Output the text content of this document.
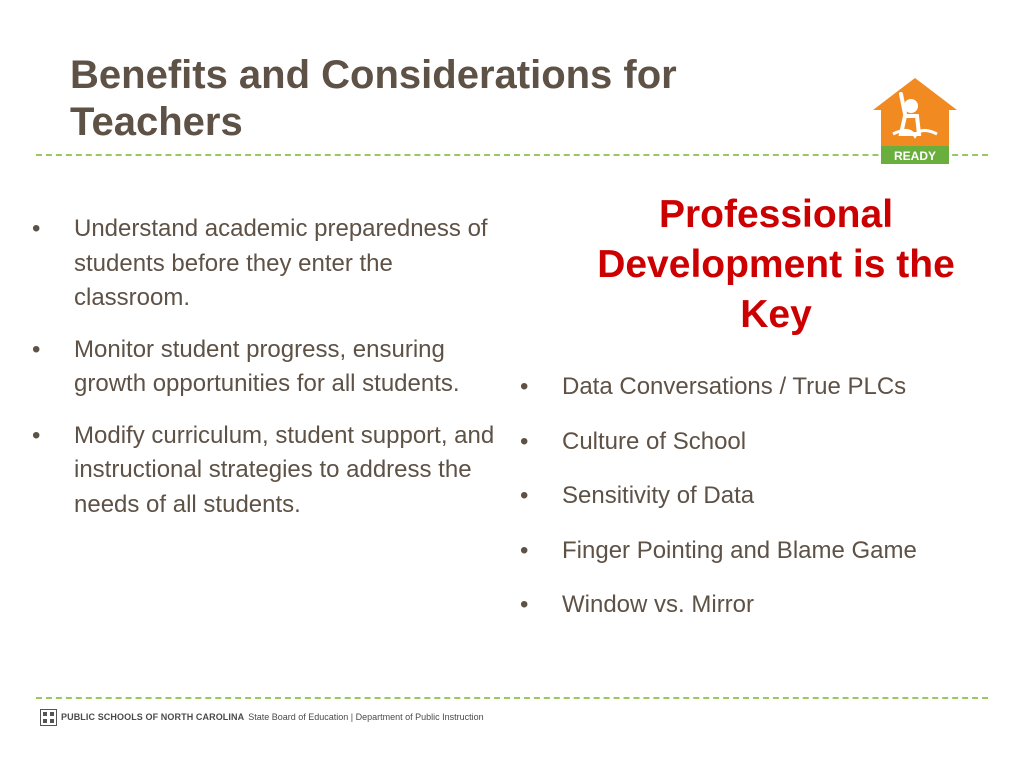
Benefits and Considerations for Teachers
READY
• Understand academic preparedness of students before they enter the classroom.
• Monitor student progress, ensuring growth opportunities for all students.
• Modify curriculum, student support, and instructional strategies to address the needs of all students.
Professional Development is the Key
• Data Conversations / True PLCs
• Culture of School
• Sensitivity of Data
• Finger Pointing and Blame Game
• Window vs. Mirror
PUBLIC SCHOOLS OF NORTH CAROLINA State Board of Education | Department of Public Instruction
